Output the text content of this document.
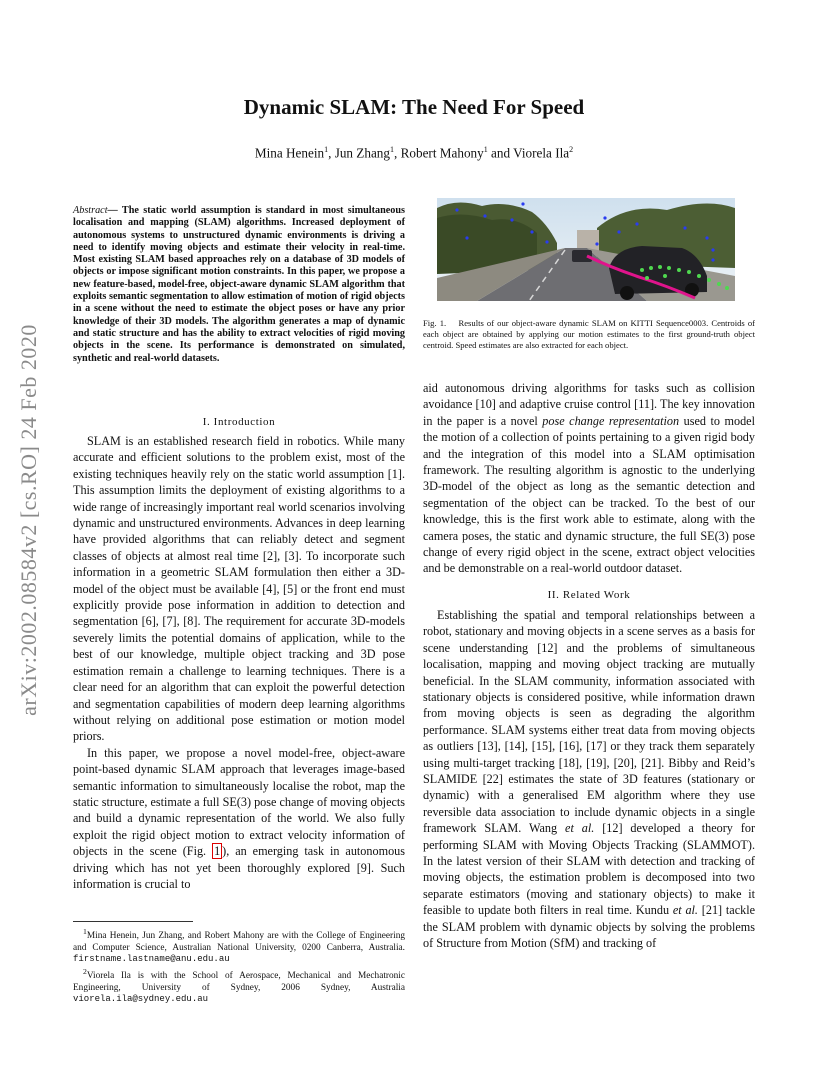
arXiv:2002.08584v2 [cs.RO] 24 Feb 2020
Dynamic SLAM: The Need For Speed
Mina Henein$^1$, Jun Zhang$^1$, Robert Mahony$^1$ and Viorela Ila$^2$
Abstract— The static world assumption is standard in most simultaneous localisation and mapping (SLAM) algorithms. Increased deployment of autonomous systems to unstructured dynamic environments is driving a need to identify moving objects and estimate their velocity in real-time. Most existing SLAM based approaches rely on a database of 3D models of objects or impose significant motion constraints. In this paper, we propose a new feature-based, model-free, object-aware dynamic SLAM algorithm that exploits semantic segmentation to allow estimation of motion of rigid objects in a scene without the need to estimate the object poses or have any prior knowledge of their 3D models. The algorithm generates a map of dynamic and static structure and has the ability to extract velocities of rigid moving objects in the scene. Its performance is demonstrated on simulated, synthetic and real-world datasets.
I. Introduction

SLAM is an established research field in robotics. While many accurate and efficient solutions to the problem exist, most of the existing techniques heavily rely on the static world assumption [1]. This assumption limits the deployment of existing algorithms to a wide range of increasingly important real world scenarios involving dynamic and unstructured environments. Advances in deep learning have provided algorithms that can reliably detect and segment classes of objects at almost real time [2], [3]. To incorporate such information in a geometric SLAM formulation then either a 3D-model of the object must be available [4], [5] or the front end must explicitly provide pose information in addition to detection and segmentation [6], [7], [8]. The requirement for accurate 3D-models severely limits the potential domains of application, while to the best of our knowledge, multiple object tracking and 3D pose estimation remain a challenge to learning techniques. There is a clear need for an algorithm that can exploit the powerful detection and segmentation capabilities of modern deep learning algorithms without relying on additional pose estimation or motion model priors.

In this paper, we propose a novel model-free, object-aware point-based dynamic SLAM approach that leverages image-based semantic information to simultaneously localise the robot, map the static structure, estimate a full SE(3) pose change of moving objects and build a dynamic representation of the world. We also fully exploit the rigid object motion to extract velocity information of objects in the scene (Fig. 1 ), an emerging task in autonomous driving which has not yet been thoroughly explored [9]. Such information is crucial to

$^1$Mina Henein, Jun Zhang, and Robert Mahony are with the College of Engineering and Computer Science, Australian National University, 0200 Canberra, Australia. firstname.lastname@anu.edu.au

$^2$Viorela Ila is with the School of Aerospace, Mechanical and Mechatronic Engineering, University of Sydney, 2006 Sydney, Australia viorela.ila@sydney.edu.au

Fig. 1. Results of our object-aware dynamic SLAM on KITTI Sequence0003. Centroids of each object are obtained by applying our motion estimates to the first ground-truth object centroid. Speed estimates are also extracted for each object.

aid autonomous driving algorithms for tasks such as collision avoidance [10] and adaptive cruise control [11]. The key innovation in the paper is a novel pose change representation used to model the motion of a collection of points pertaining to a given rigid body and the integration of this model into a SLAM optimisation framework. The resulting algorithm is agnostic to the underlying 3D-model of the object as long as the semantic detection and segmentation of the object can be tracked. To the best of our knowledge, this is the first work able to estimate, along with the camera poses, the static and dynamic structure, the full SE(3) pose change of every rigid object in the scene, extract object velocities and be demonstrable on a real-world outdoor dataset.

II. Related Work

Establishing the spatial and temporal relationships between a robot, stationary and moving objects in a scene serves as a basis for scene understanding [12] and the problems of simultaneous localisation, mapping and moving object tracking are mutually beneficial. In the SLAM community, information associated with stationary objects is considered positive, while information drawn from moving objects is seen as degrading the algorithm performance. SLAM systems either treat data from moving objects as outliers [13], [14], [15], [16], [17] or they track them separately using multi-target tracking [18], [19], [20], [21]. Bibby and Reid’s SLAMIDE [22] estimates the state of 3D features (stationary or dynamic) with a generalised EM algorithm where they use reversible data association to include dynamic objects in a single framework SLAM. Wang et al. [12] developed a theory for performing SLAM with Moving Objects Tracking (SLAMMOT). In the latest version of their SLAM with detection and tracking of moving objects, the estimation problem is decomposed into two separate estimators (moving and stationary objects) to make it feasible to update both filters in real time. Kundu et al. [21] tackle the SLAM problem with dynamic objects by solving the problems of Structure from Motion (SfM) and tracking of
